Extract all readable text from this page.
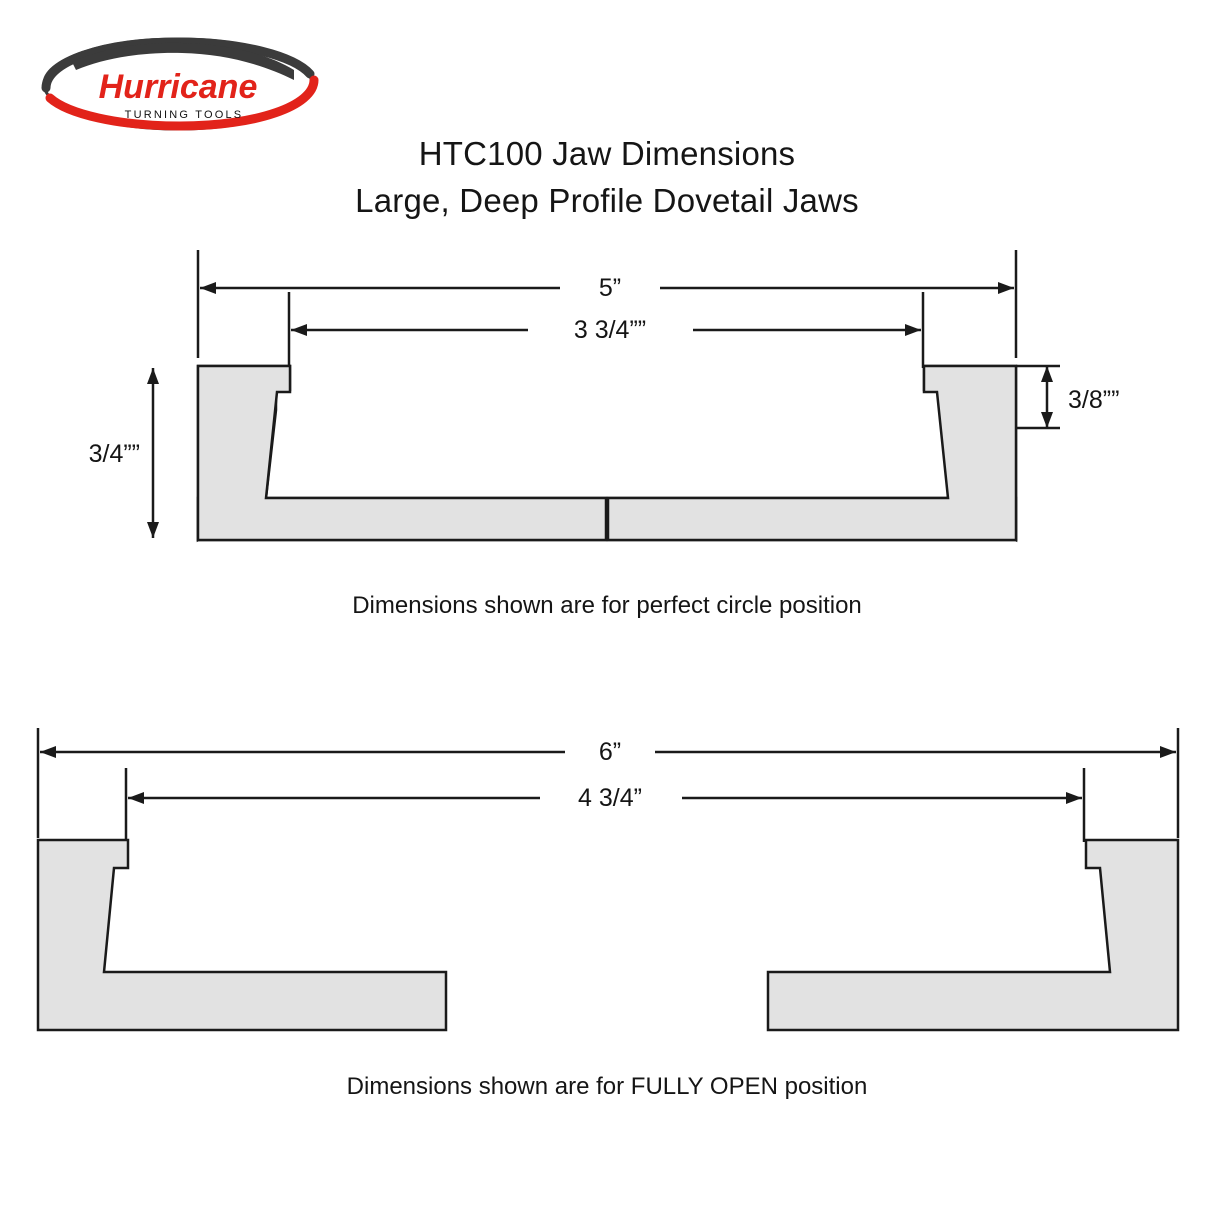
Hurricane
TURNING TOOLS
HTC100 Jaw Dimensions
Large, Deep Profile Dovetail Jaws
5”
3 3/4””
3/4””
3/8””
Dimensions shown are for perfect circle position
6”
4 3/4”
Dimensions shown are for FULLY OPEN position
